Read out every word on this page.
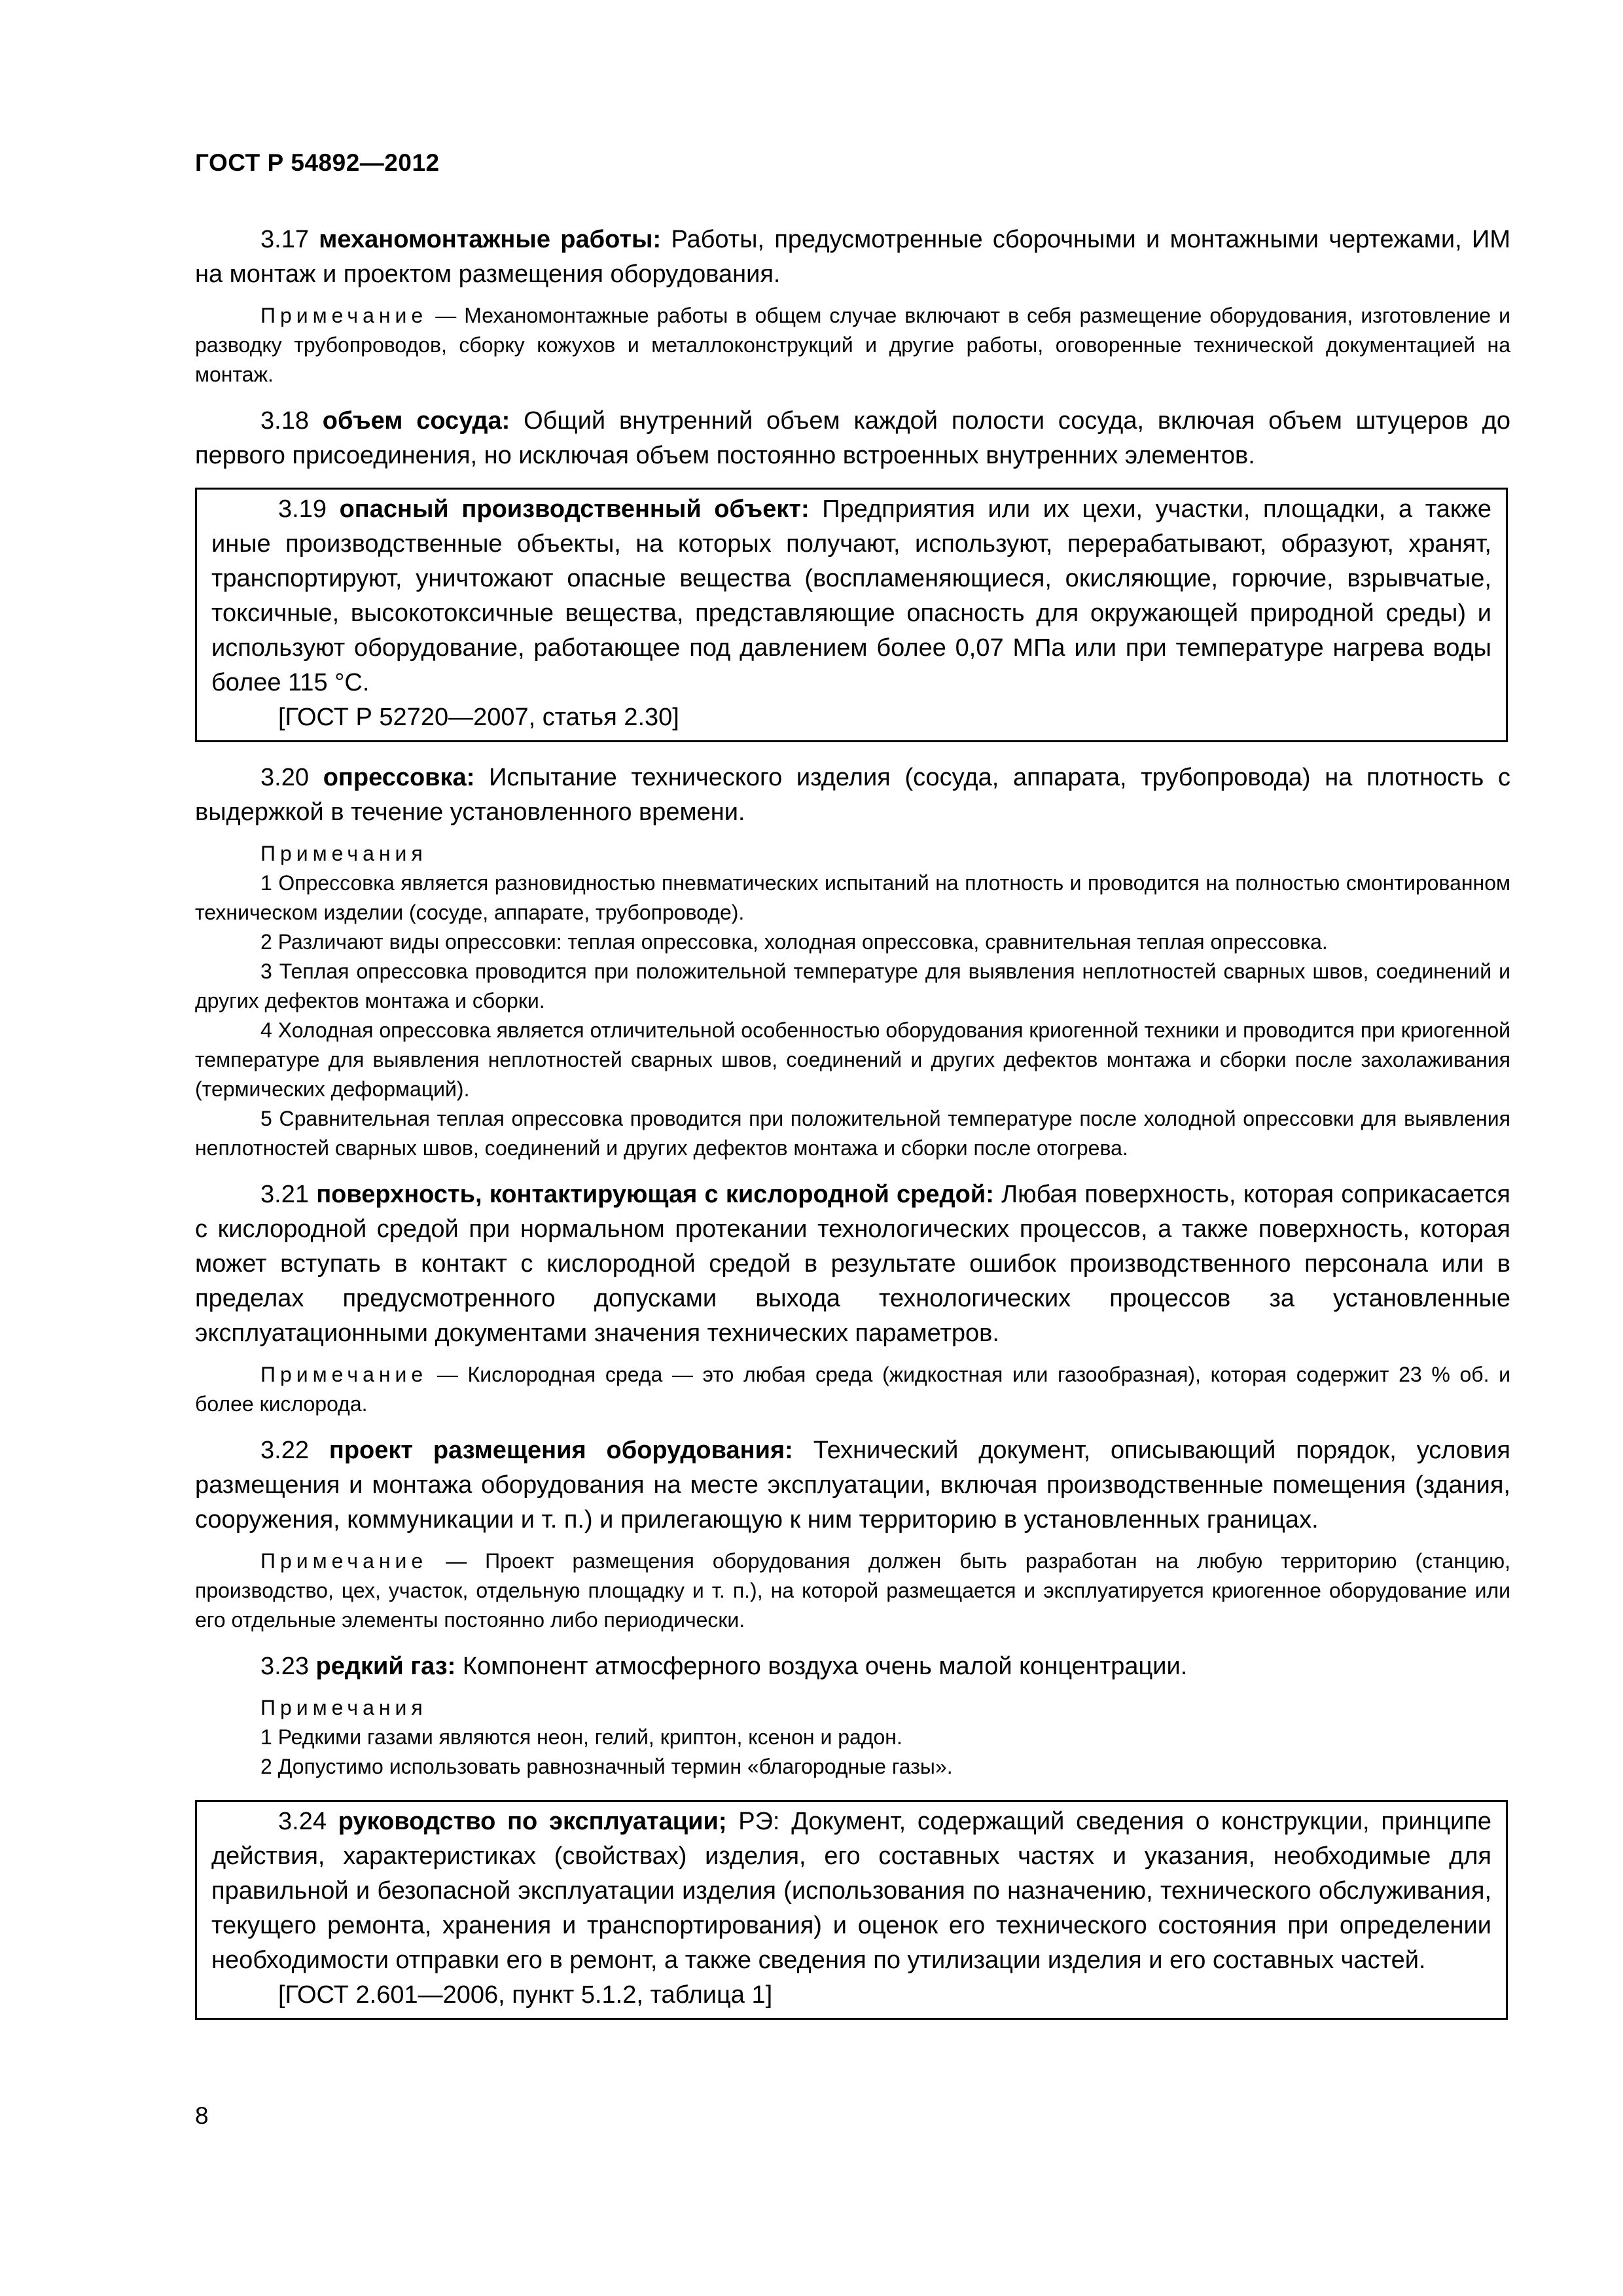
ГОСТ Р 54892—2012

3.17 механомонтажные работы: Работы, предусмотренные сборочными и монтажными чертежами, ИМ на монтаж и проектом размещения оборудования.

Примечание — Механомонтажные работы в общем случае включают в себя размещение оборудования, изготовление и разводку трубопроводов, сборку кожухов и металлоконструкций и другие работы, оговоренные технической документацией на монтаж.

3.18 объем сосуда: Общий внутренний объем каждой полости сосуда, включая объем штуцеров до первого присоединения, но исключая объем постоянно встроенных внутренних элементов.

3.19 опасный производственный объект: Предприятия или их цехи, участки, площадки, а также иные производственные объекты, на которых получают, используют, перерабатывают, образуют, хранят, транспортируют, уничтожают опасные вещества (воспламеняющиеся, окисляющие, горючие, взрывчатые, токсичные, высокотоксичные вещества, представляющие опасность для окружающей природной среды) и используют оборудование, работающее под давлением более 0,07 МПа или при температуре нагрева воды более 115 °С.

[ГОСТ Р 52720—2007, статья 2.30]

3.20 опрессовка: Испытание технического изделия (сосуда, аппарата, трубопровода) на плотность с выдержкой в течение установленного времени.

Примечания

1 Опрессовка является разновидностью пневматических испытаний на плотность и проводится на полностью смонтированном техническом изделии (сосуде, аппарате, трубопроводе).

2 Различают виды опрессовки: теплая опрессовка, холодная опрессовка, сравнительная теплая опрессовка.

3 Теплая опрессовка проводится при положительной температуре для выявления неплотностей сварных швов, соединений и других дефектов монтажа и сборки.

4 Холодная опрессовка является отличительной особенностью оборудования криогенной техники и проводится при криогенной температуре для выявления неплотностей сварных швов, соединений и других дефектов монтажа и сборки после захолаживания (термических деформаций).

5 Сравнительная теплая опрессовка проводится при положительной температуре после холодной опрессовки для выявления неплотностей сварных швов, соединений и других дефектов монтажа и сборки после отогрева.

3.21 поверхность, контактирующая с кислородной средой: Любая поверхность, которая соприкасается с кислородной средой при нормальном протекании технологических процессов, а также поверхность, которая может вступать в контакт с кислородной средой в результате ошибок производственного персонала или в пределах предусмотренного допусками выхода технологических процессов за установленные эксплуатационными документами значения технических параметров.

Примечание — Кислородная среда — это любая среда (жидкостная или газообразная), которая содержит 23 % об. и более кислорода.

3.22 проект размещения оборудования: Технический документ, описывающий порядок, условия размещения и монтажа оборудования на месте эксплуатации, включая производственные помещения (здания, сооружения, коммуникации и т. п.) и прилегающую к ним территорию в установленных границах.

Примечание — Проект размещения оборудования должен быть разработан на любую территорию (станцию, производство, цех, участок, отдельную площадку и т. п.), на которой размещается и эксплуатируется криогенное оборудование или его отдельные элементы постоянно либо периодически.

3.23 редкий газ: Компонент атмосферного воздуха очень малой концентрации.

Примечания

1 Редкими газами являются неон, гелий, криптон, ксенон и радон.

2 Допустимо использовать равнозначный термин «благородные газы».

3.24 руководство по эксплуатации; РЭ: Документ, содержащий сведения о конструкции, принципе действия, характеристиках (свойствах) изделия, его составных частях и указания, необходимые для правильной и безопасной эксплуатации изделия (использования по назначению, технического обслуживания, текущего ремонта, хранения и транспортирования) и оценок его технического состояния при определении необходимости отправки его в ремонт, а также сведения по утилизации изделия и его составных частей.

[ГОСТ 2.601—2006, пункт 5.1.2, таблица 1]

8
